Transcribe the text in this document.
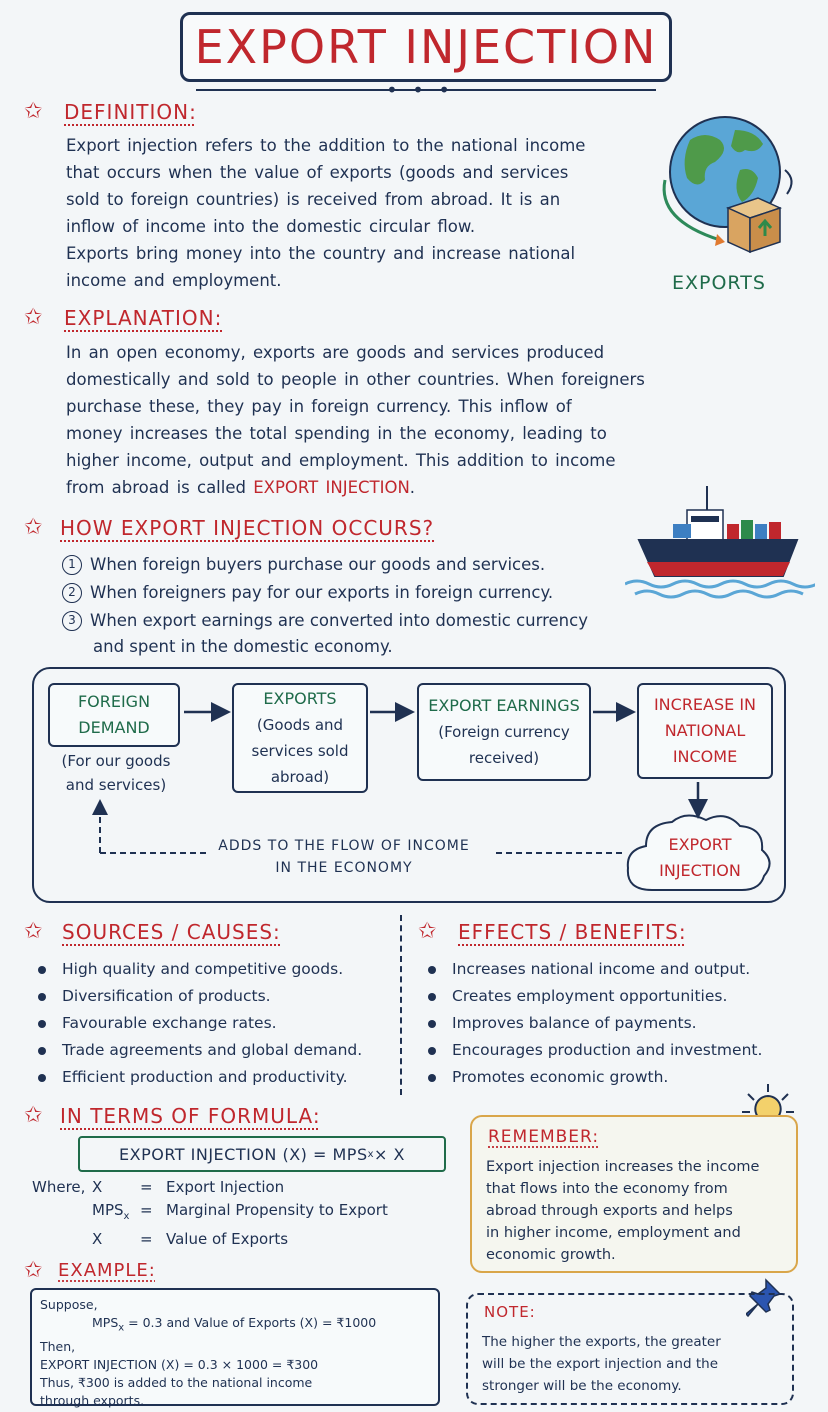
EXPORT INJECTION
• • •
✩ DEFINITION:
Export injection refers to the addition to the national income
that occurs when the value of exports (goods and services
sold to foreign countries) is received from abroad. It is an
inflow of income into the domestic circular flow.
Exports bring money into the country and increase national
income and employment.	EXPORTS
✩ EXPLANATION:
In an open economy, exports are goods and services produced
domestically and sold to people in other countries. When foreigners
purchase these, they pay in foreign currency. This inflow of
money increases the total spending in the economy, leading to
higher income, output and employment. This addition to income
from abroad is called EXPORT INJECTION.
✩ HOW EXPORT INJECTION OCCURS?
1 When foreign buyers purchase our goods and services.
2 When foreigners pay for our exports in foreign currency.
3 When export earnings are converted into domestic currency
and spent in the domestic economy.
FOREIGN
DEMAND
(For our goods
and services)
EXPORTS
(Goods and
services sold
abroad)
EXPORT EARNINGS
(Foreign currency
received)
INCREASE IN
NATIONAL
INCOME
EXPORT
INJECTION
ADDS TO THE FLOW OF INCOME
IN THE ECONOMY
✩ SOURCES / CAUSES:
High quality and competitive goods.
Diversification of products.
Favourable exchange rates.
Trade agreements and global demand.
Efficient production and productivity.
✩ EFFECTS / BENEFITS:
Increases national income and output.
Creates employment opportunities.
Improves balance of payments.
Encourages production and investment.
Promotes economic growth.
✩ IN TERMS OF FORMULA:
EXPORT INJECTION (X) = MPS x × X
Where, X	= Export Injection
$MPS_x$ = Marginal Propensity to Export
X	= Value of Exports
REMEMBER:
Export injection increases the income
that flows into the economy from
abroad through exports and helps
in higher income, employment and
economic growth.
✩ EXAMPLE:
Suppose,
$MPS_x = 0.3$ and Value of Exports (X) = ₹1000
Then,
EXPORT INJECTION (X) = 0.3 × 1000 = ₹300
Thus, ₹300 is added to the national income
through exports.
NOTE:
The higher the exports, the greater
will be the export injection and the
stronger will be the economy.
